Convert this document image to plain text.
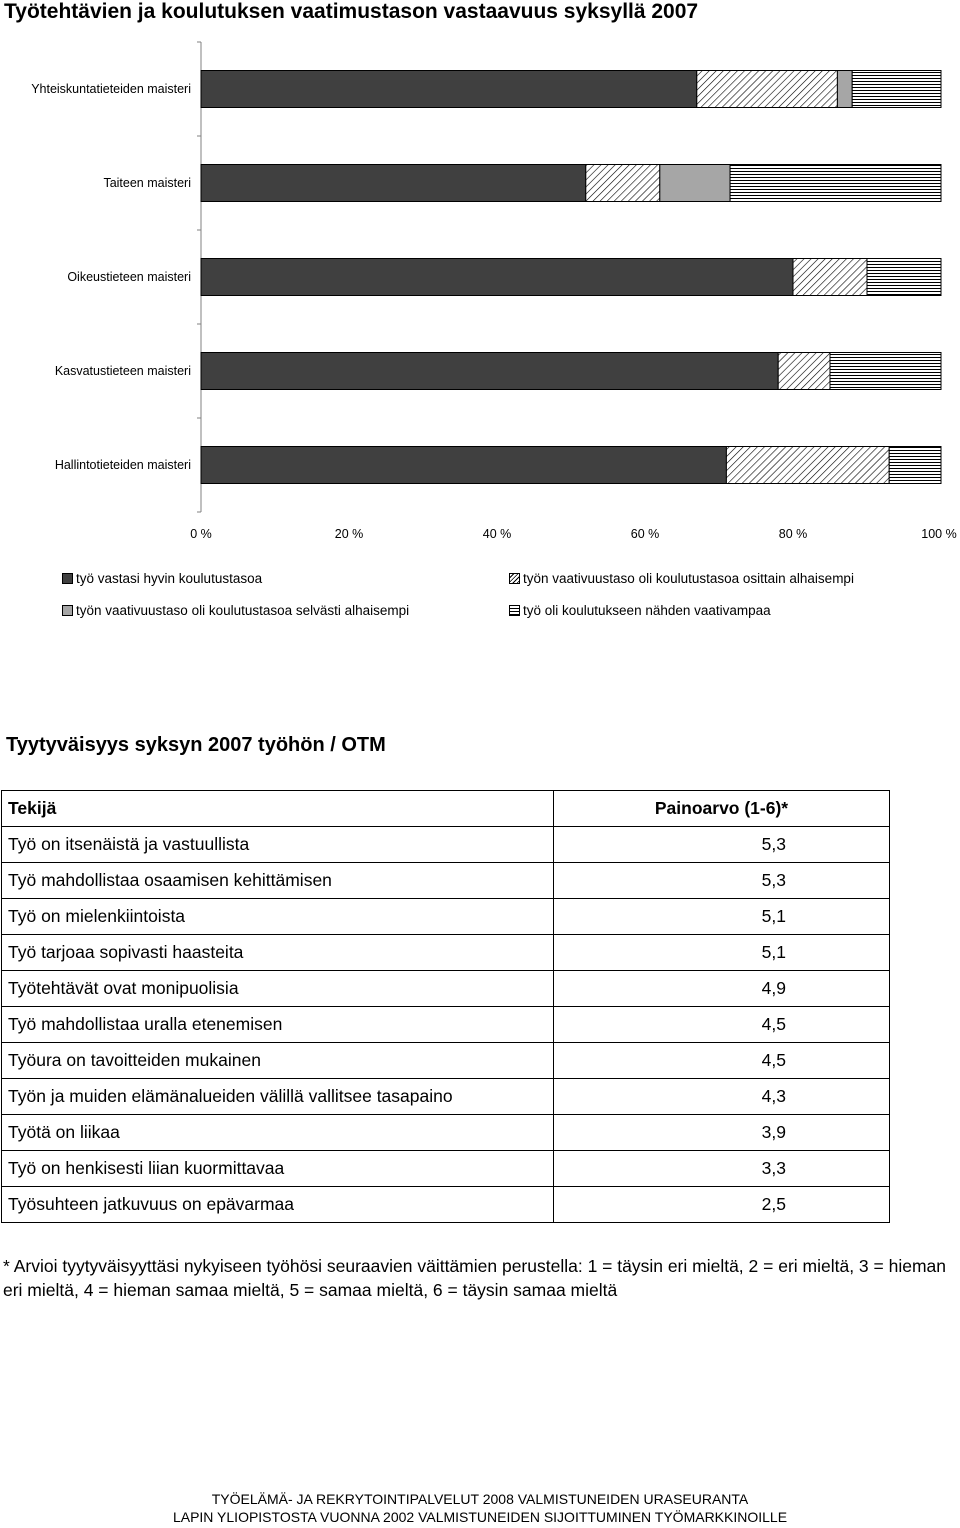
Työtehtävien ja koulutuksen vaatimustason vastaavuus syksyllä 2007
Yhteiskuntatieteiden maisteri
Taiteen maisteri
Oikeustieteen maisteri
Kasvatustieteen maisteri
Hallintotieteiden maisteri
0 %	20 %	40 %	60 %	80 %	100 %
työ vastasi hyvin koulutustasoa	työn vaativuustaso oli koulutustasoa osittain alhaisempi
työn vaativuustaso oli koulutustasoa selvästi alhaisempi	työ oli koulutukseen nähden vaativampaa
Tyytyväisyys syksyn 2007 työhön / OTM
Tekijä	Painoarvo (1-6)*
Työ on itsenäistä ja vastuullista	5,3
Työ mahdollistaa osaamisen kehittämisen	5,3
Työ on mielenkiintoista	5,1
Työ tarjoaa sopivasti haasteita	5,1
Työtehtävät ovat monipuolisia	4,9
Työ mahdollistaa uralla etenemisen	4,5
Työura on tavoitteiden mukainen	4,5
Työn ja muiden elämänalueiden välillä vallitsee tasapaino	4,3
Työtä on liikaa	3,9
Työ on henkisesti liian kuormittavaa	3,3
Työsuhteen jatkuvuus on epävarmaa	2,5
* Arvioi tyytyväisyyttäsi nykyiseen työhösi seuraavien väittämien perustella: 1 = täysin eri mieltä, 2 = eri mieltä, 3 = hieman eri mieltä, 4 = hieman samaa mieltä, 5 = samaa mieltä, 6 = täysin samaa mieltä
TYÖELÄMÄ- JA REKRYTOINTIPALVELUT 2008 VALMISTUNEIDEN URASEURANTA
LAPIN YLIOPISTOSTA VUONNA 2002 VALMISTUNEIDEN SIJOITTUMINEN TYÖMARKKINOILLE
